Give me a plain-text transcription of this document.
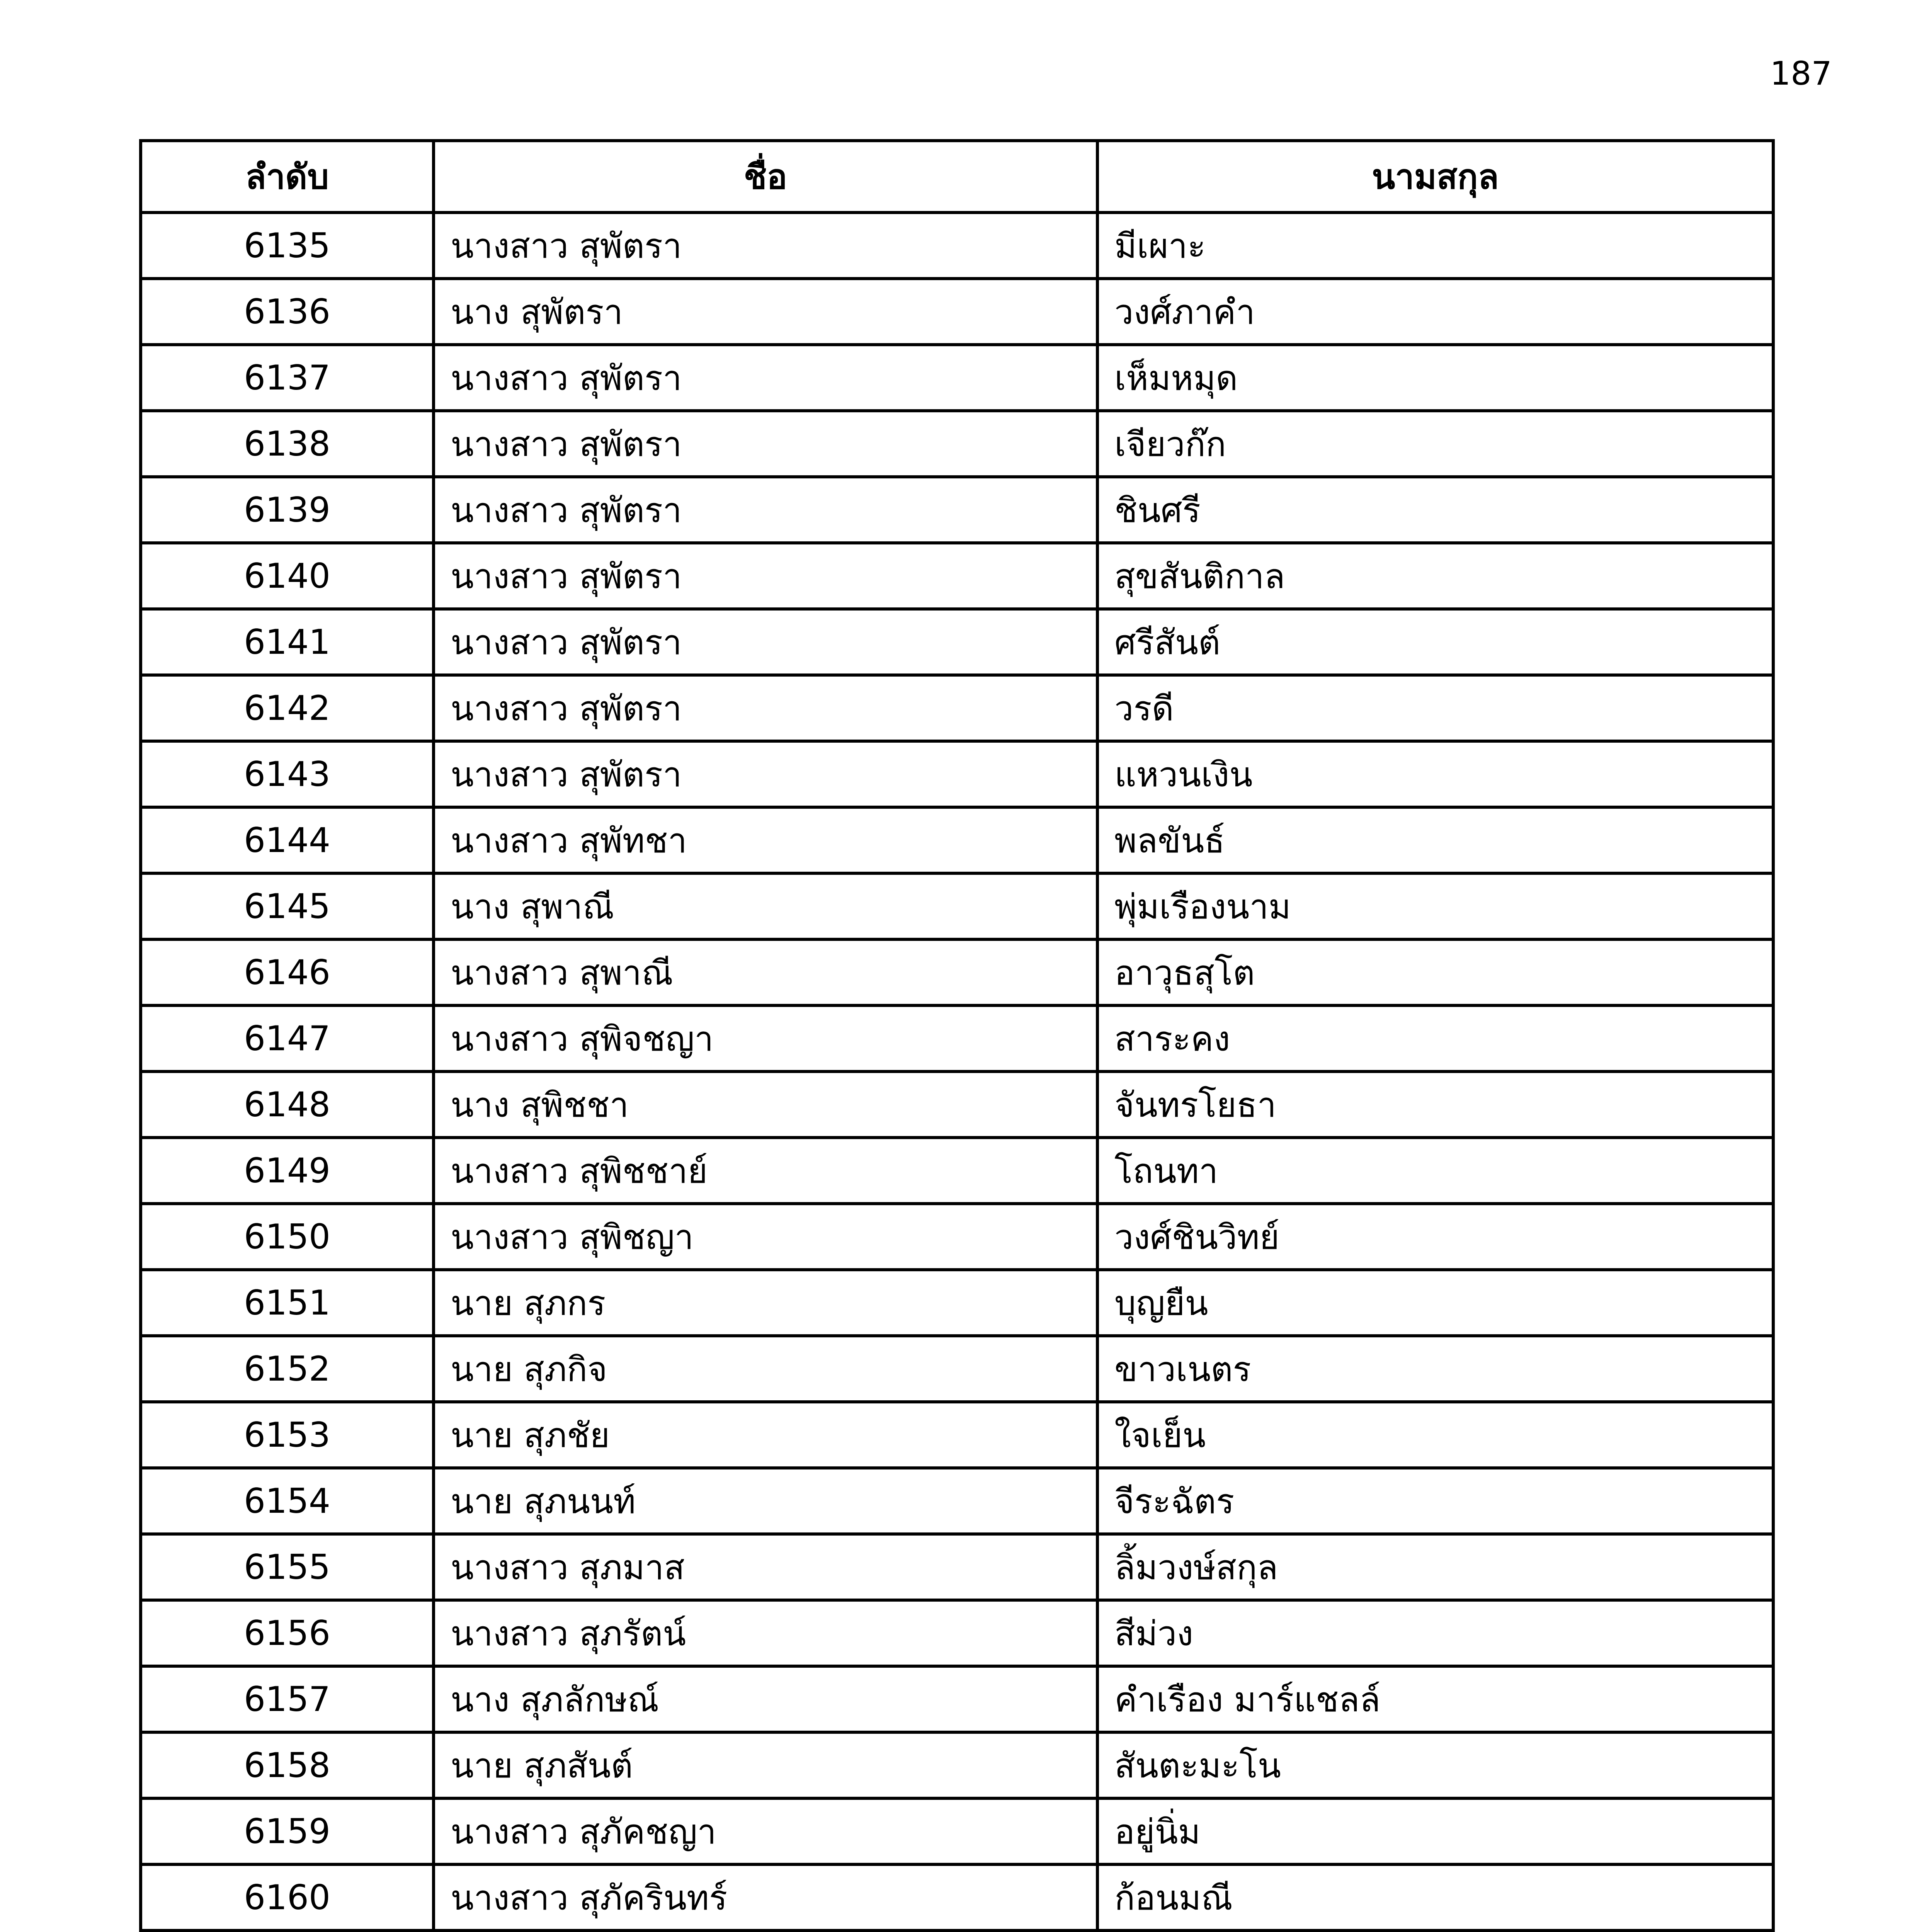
187
ลำดับ	ชื่อ	นามสกุล
6135	นางสาว สุพัตรา	มีเผาะ
6136	นาง สุพัตรา	วงศ์ภาคำ
6137	นางสาว สุพัตรา	เห็มหมุด
6138	นางสาว สุพัตรา	เจียวก๊ก
6139	นางสาว สุพัตรา	ชินศรี
6140	นางสาว สุพัตรา	สุขสันติกาล
6141	นางสาว สุพัตรา	ศรีสันต์
6142	นางสาว สุพัตรา	วรดี
6143	นางสาว สุพัตรา	แหวนเงิน
6144	นางสาว สุพัทชา	พลขันธ์
6145	นาง สุพาณี	พุ่มเรืองนาม
6146	นางสาว สุพาณี	อาวุธสุโต
6147	นางสาว สุพิจชญา	สาระคง
6148	นาง สุพิชชา	จันทรโยธา
6149	นางสาว สุพิชชาย์	โถนทา
6150	นางสาว สุพิชญา	วงศ์ชินวิทย์
6151	นาย สุภกร	บุญยืน
6152	นาย สุภกิจ	ขาวเนตร
6153	นาย สุภชัย	ใจเย็น
6154	นาย สุภนนท์	จีระฉัตร
6155	นางสาว สุภมาส	ลิ้มวงษ์สกุล
6156	นางสาว สุภรัตน์	สีม่วง
6157	นาง สุภลักษณ์	คำเรือง มาร์แชลล์
6158	นาย สุภสันต์	สันตะมะโน
6159	นางสาว สุภัคชญา	อยู่นิ่ม
6160	นางสาว สุภัครินทร์	ก้อนมณี
